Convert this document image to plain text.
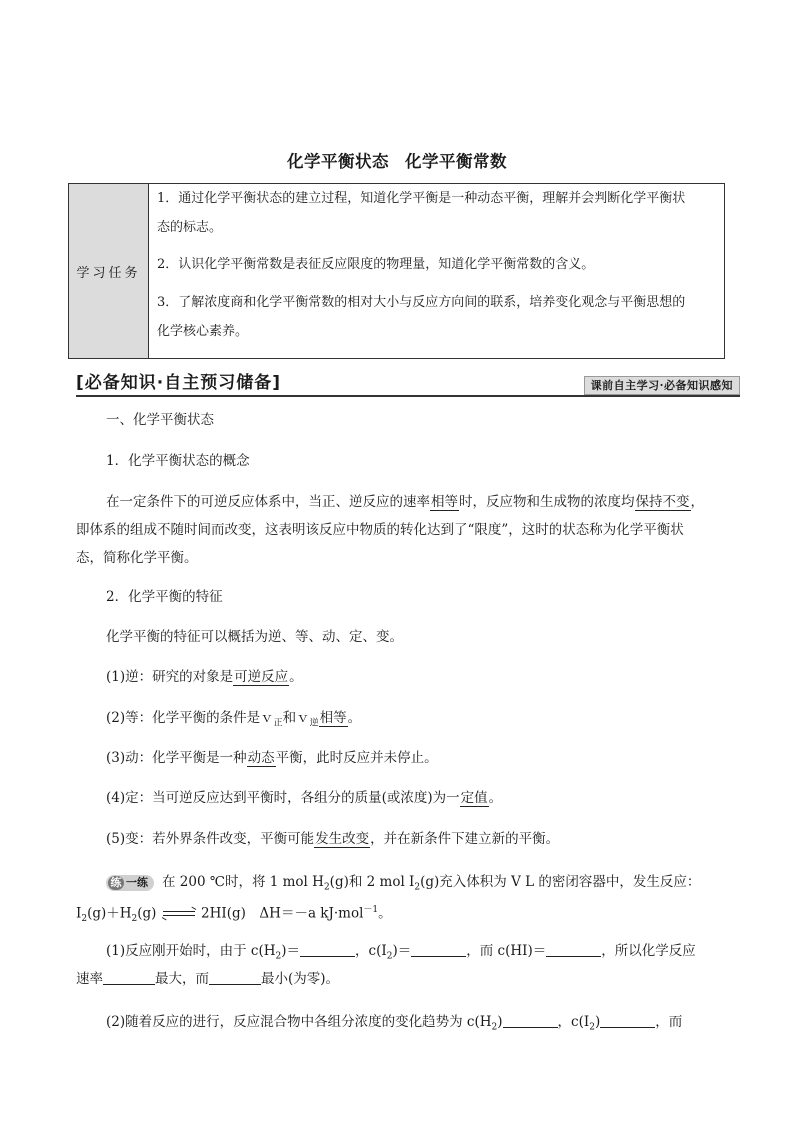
化学平衡状态 化学平衡常数
学习任务
1．通过化学平衡状态的建立过程，知道化学平衡是一种动态平衡，理解并会判断化学平衡状
态的标志。
2．认识化学平衡常数是表征反应限度的物理量，知道化学平衡常数的含义。
3．了解浓度商和化学平衡常数的相对大小与反应方向间的联系，培养变化观念与平衡思想的
化学核心素养。
[必备知识·自主预习储备]	课前自主学习·必备知识感知
一、化学平衡状态
1．化学平衡状态的概念
在一定条件下的可逆反应体系中，当正、逆反应的速率相等时，反应物和生成物的浓度均保持不变，
即体系的组成不随时间而改变，这表明该反应中物质的转化达到了“限度”，这时的状态称为化学平衡状
态，简称化学平衡。
2．化学平衡的特征
化学平衡的特征可以概括为逆、等、动、定、变。
(1)逆：研究的对象是可逆反应。
(2)等：化学平衡的条件是ｖ$_正$和ｖ$_逆$相等。
(3)动：化学平衡是一种动态平衡，此时反应并未停止。
(4)定：当可逆反应达到平衡时，各组分的质量(或浓度)为一定值。
(5)变：若外界条件改变，平衡可能发生改变，并在新条件下建立新的平衡。
练 一练 在 200 ℃时，将 1 mol $H_2(g)$和 2 mol $I_2(g)$充入体积为 V L 的密闭容器中，发生反应：
$I_2(g)+H_2(g)$	2HI(g)　ΔH＝－a kJ·mol$^{-1}$。
(1)反应刚开始时，由于 $c(H_2)=$	，$c(I_2)=$	，而 c(HI)＝	，所以化学反应
速率	最大，而	最小(为零)。
(2)随着反应的进行，反应混合物中各组分浓度的变化趋势为 $c(H_2)$	，$c(I_2)$	，而
